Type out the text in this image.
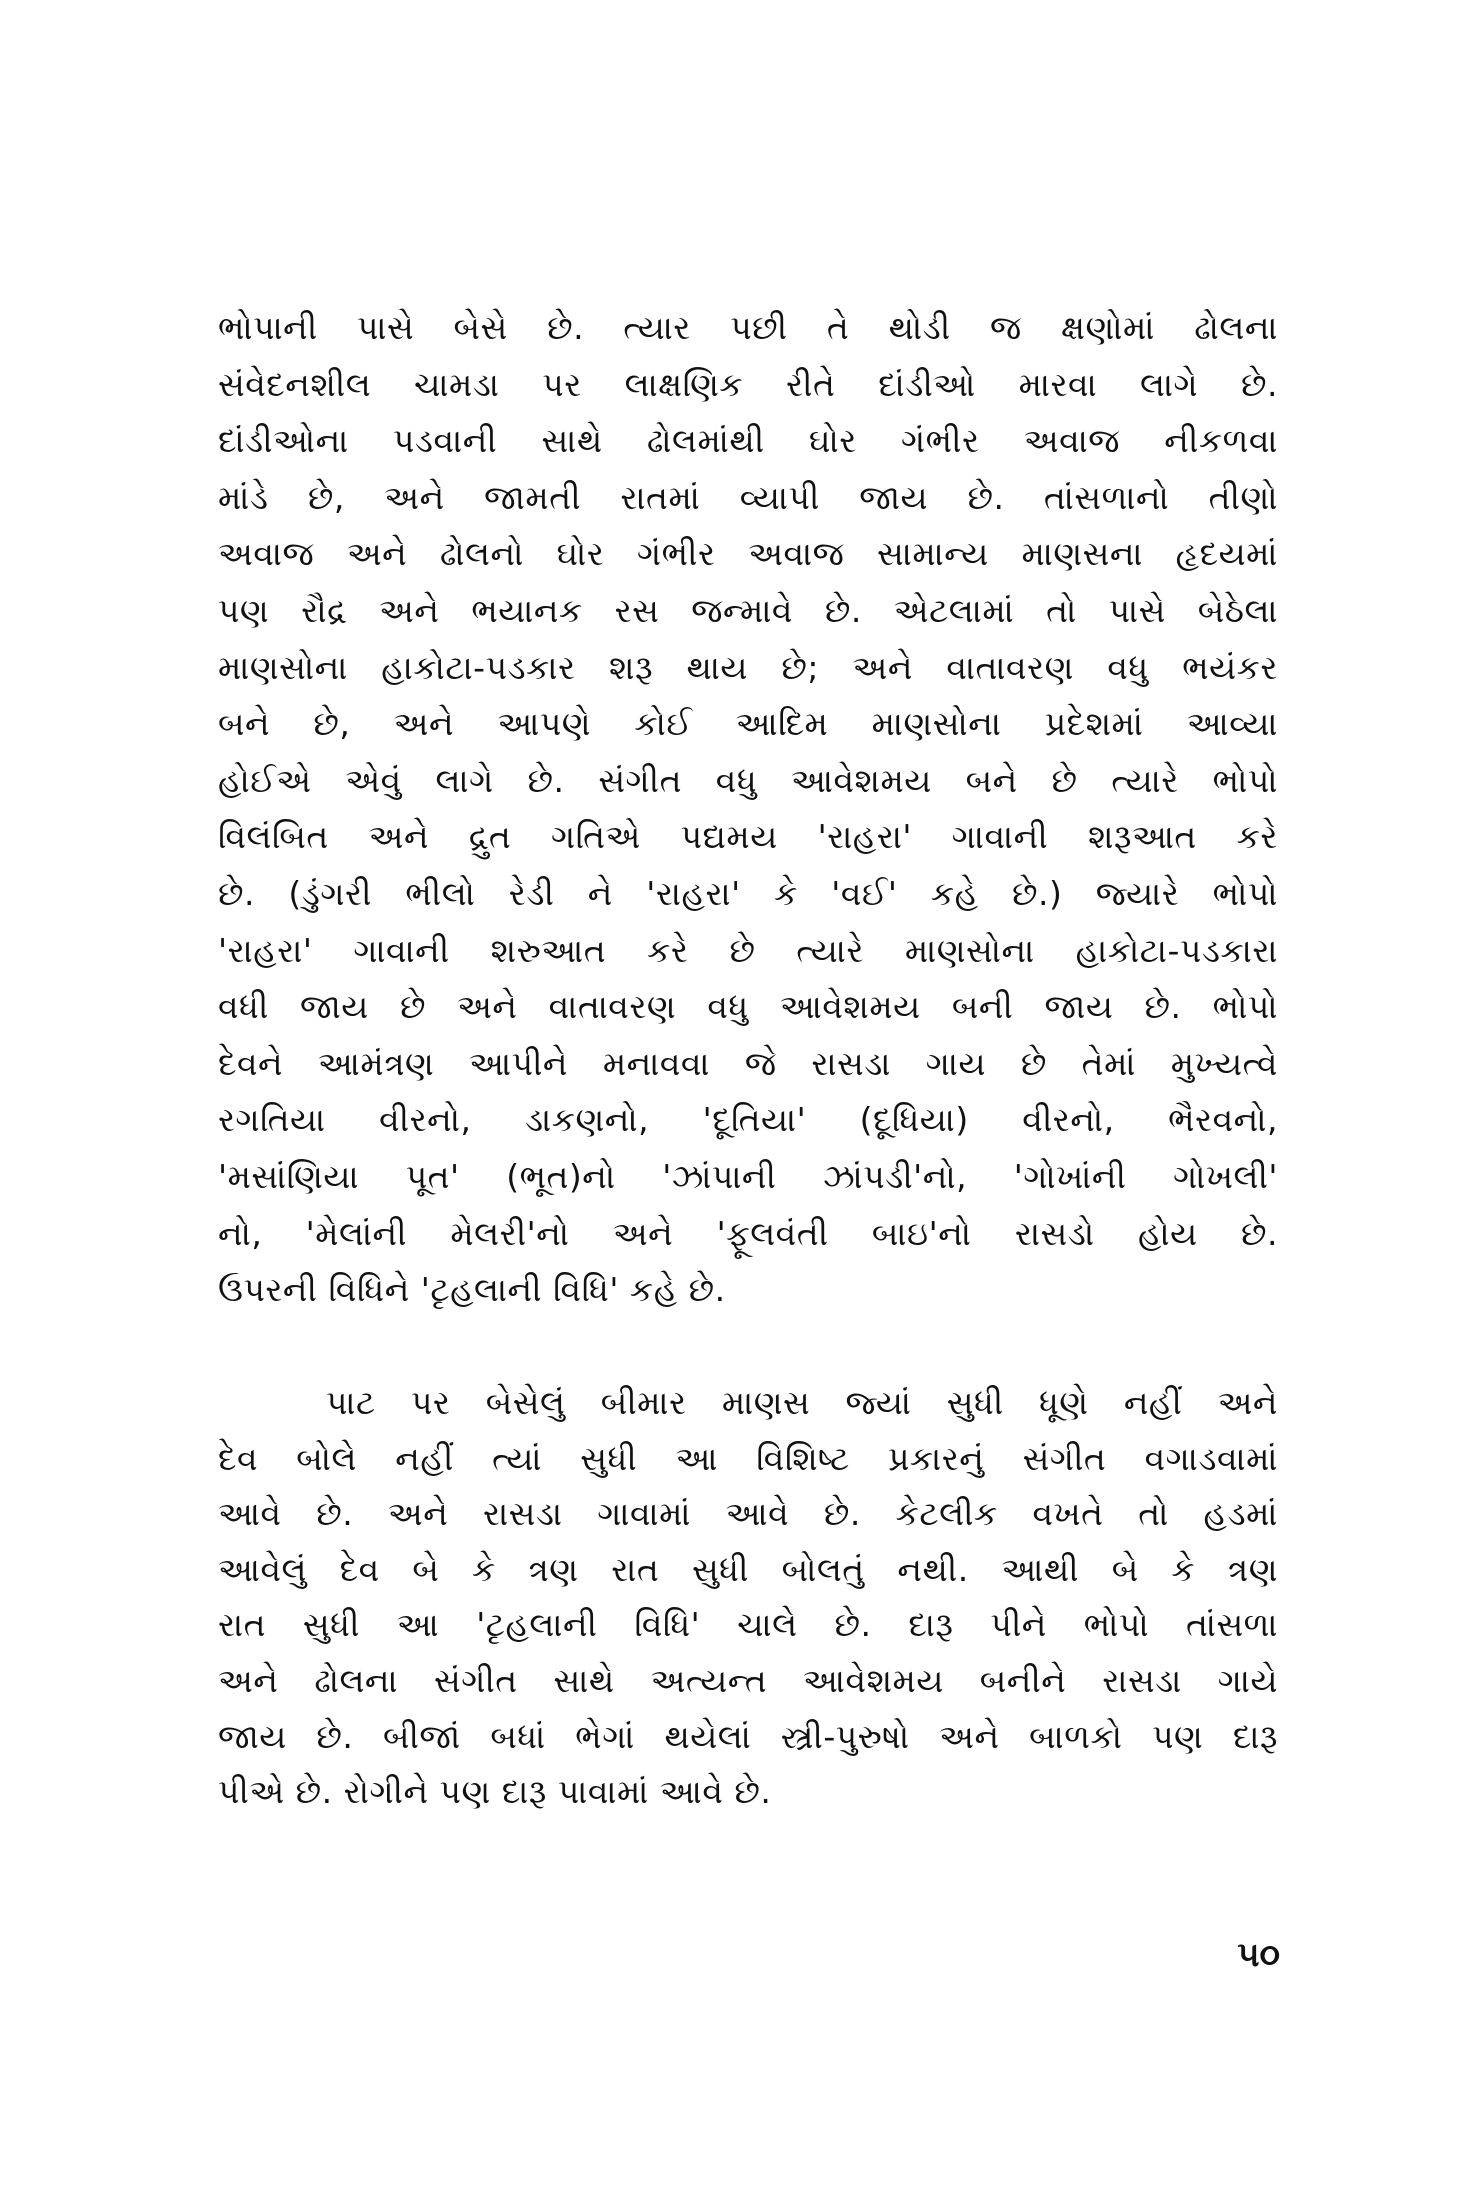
ભોપાની પાસે બેસે છે. ત્યાર પછી તે થોડી જ ક્ષણોમાં ઢોલના
સંવેદનશીલ ચામડા પર લાક્ષણિક રીતે દાંડીઓ મારવા લાગે છે.
દાંડીઓના પડવાની સાથે ઢોલમાંથી ઘોર ગંભીર અવાજ નીકળવા
માંડે છે, અને જામતી રાતમાં વ્યાપી જાય છે. તાંસળાનો તીણો
અવાજ અને ઢોલનો ઘોર ગંભીર અવાજ સામાન્ય માણસના હૃદયમાં
પણ રૌદ્ર અને ભયાનક રસ જન્માવે છે. એટલામાં તો પાસે બેઠેલા
માણસોના હાકોટા-પડકાર શરૂ થાય છે; અને વાતાવરણ વધુ ભયંકર
બને છે, અને આપણે કોઈ આદિમ માણસોના પ્રદેશમાં આવ્યા
હોઈએ એવું લાગે છે. સંગીત વધુ આવેશમય બને છે ત્યારે ભોપો
વિલંબિત અને દ્રુત ગતિએ પદ્યમય 'રાહરા' ગાવાની શરૂઆત કરે
છે. (ડુંગરી ભીલો રેડી ને 'રાહરા' કે 'વઈ' કહે છે.) જ્યારે ભોપો
'રાહરા' ગાવાની શરુઆત કરે છે ત્યારે માણસોના હાકોટા-પડકારા
વધી જાય છે અને વાતાવરણ વધુ આવેશમય બની જાય છે. ભોપો
દેવને આમંત્રણ આપીને મનાવવા જે રાસડા ગાય છે તેમાં મુખ્યત્વે
રગતિયા વીરનો, ડાકણનો, 'દૂતિયા' (દૂધિયા) વીરનો, ભૈરવનો,
'મસાંણિયા પૂત' (ભૂત)નો 'ઝાંપાની ઝાંપડી'નો, 'ગોખાંની ગોખલી'
નો, 'મેલાંની મેલરી'નો અને 'ફૂલવંતી બાઇ'નો રાસડો હોય છે.
ઉપરની વિધિને 'ટૃહલાની વિધિ' કહે છે.
પાટ પર બેસેલું બીમાર માણસ જ્યાં સુધી ધૂણે નહીં અને
દેવ બોલે નહીં ત્યાં સુધી આ વિશિષ્ટ પ્રકારનું સંગીત વગાડવામાં
આવે છે. અને રાસડા ગાવામાં આવે છે. કેટલીક વખતે તો હડમાં
આવેલું દેવ બે કે ત્રણ રાત સુધી બોલતું નથી. આથી બે કે ત્રણ
રાત સુધી આ 'ટૃહલાની વિધિ' ચાલે છે. દારૂ પીને ભોપો તાંસળા
અને ઢોલના સંગીત સાથે અત્યન્ત આવેશમય બનીને રાસડા ગાયે
જાય છે. બીજાં બધાં ભેગાં થયેલાં સ્ત્રી-પુરુષો અને બાળકો પણ દારૂ
પીએ છે. રોગીને પણ દારૂ પાવામાં આવે છે.
૫૦
